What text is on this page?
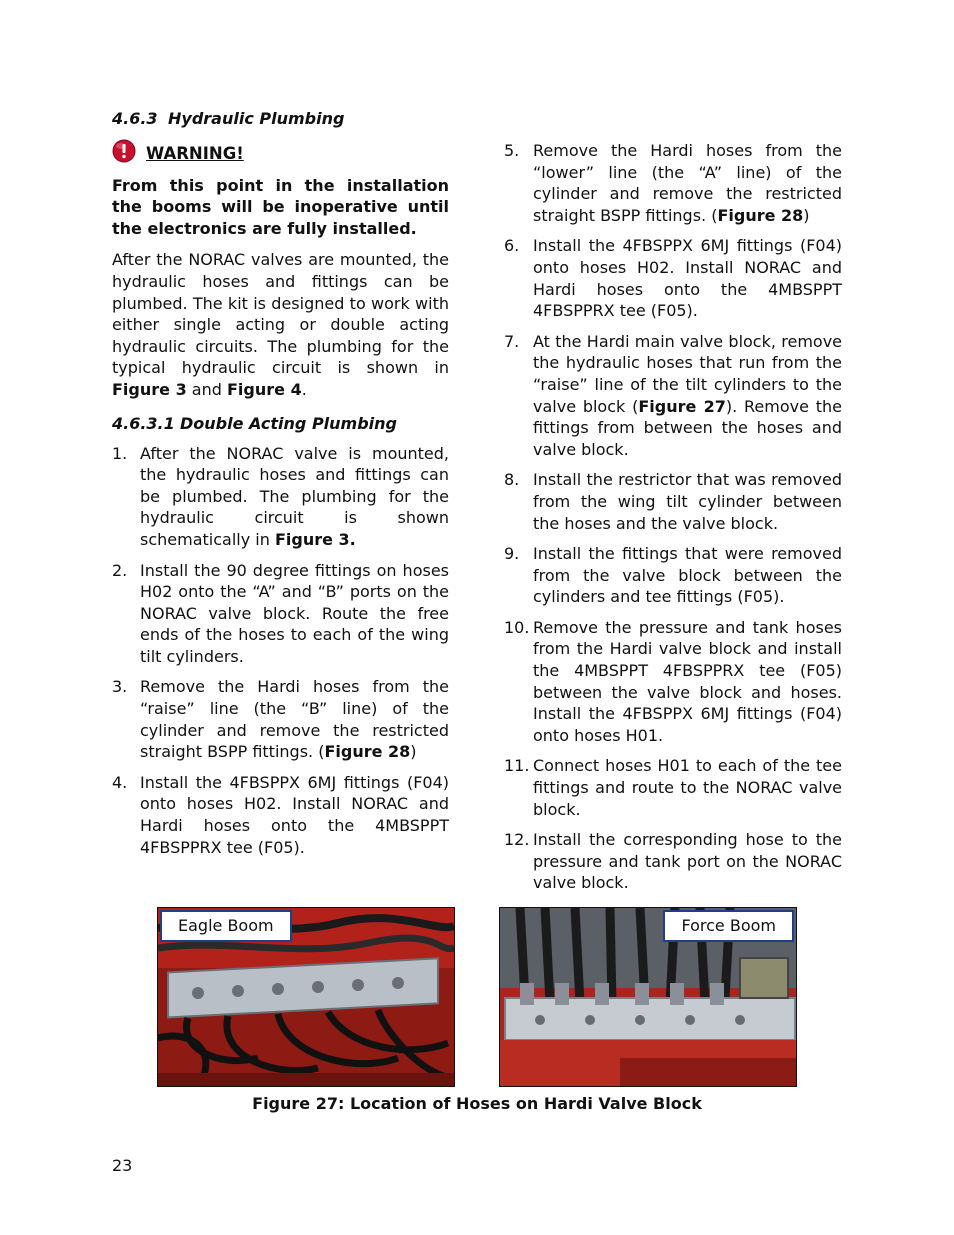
4.6.3 Hydraulic Plumbing
WARNING!

From this point in the installation the booms will be inoperative until the electronics are fully installed.

After the NORAC valves are mounted, the hydraulic hoses and fittings can be plumbed. The kit is designed to work with either single acting or double acting hydraulic circuits. The plumbing for the typical hydraulic circuit is shown in Figure 3 and Figure 4.

4.6.3.1 Double Acting Plumbing
1. After the NORAC valve is mounted, the hydraulic hoses and fittings can be plumbed. The plumbing for the hydraulic circuit is shown schematically in Figure 3.
2. Install the 90 degree fittings on hoses H02 onto the “A” and “B” ports on the NORAC valve block. Route the free ends of the hoses to each of the wing tilt cylinders.
3. Remove the Hardi hoses from the “raise” line (the “B” line) of the cylinder and remove the restricted straight BSPP fittings. (Figure 28)
4. Install the 4FBSPPX 6MJ fittings (F04) onto hoses H02. Install NORAC and Hardi hoses onto the 4MBSPPT 4FBSPPRX tee (F05).
5. Remove the Hardi hoses from the “lower” line (the “A” line) of the cylinder and remove the restricted straight BSPP fittings. (Figure 28)
6. Install the 4FBSPPX 6MJ fittings (F04) onto hoses H02. Install NORAC and Hardi hoses onto the 4MBSPPT 4FBSPPRX tee (F05).
7. At the Hardi main valve block, remove the hydraulic hoses that run from the “raise” line of the tilt cylinders to the valve block (Figure 27). Remove the fittings from between the hoses and valve block.
8. Install the restrictor that was removed from the wing tilt cylinder between the hoses and the valve block.
9. Install the fittings that were removed from the valve block between the cylinders and tee fittings (F05).
10. Remove the pressure and tank hoses from the Hardi valve block and install the 4MBSPPT 4FBSPPRX tee (F05) between the valve block and hoses. Install the 4FBSPPX 6MJ fittings (F04) onto hoses H01.
11. Connect hoses H01 to each of the tee fittings and route to the NORAC valve block.
12. Install the corresponding hose to the pressure and tank port on the NORAC valve block.
Eagle Boom	Force Boom
Figure 27: Location of Hoses on Hardi Valve Block
23
